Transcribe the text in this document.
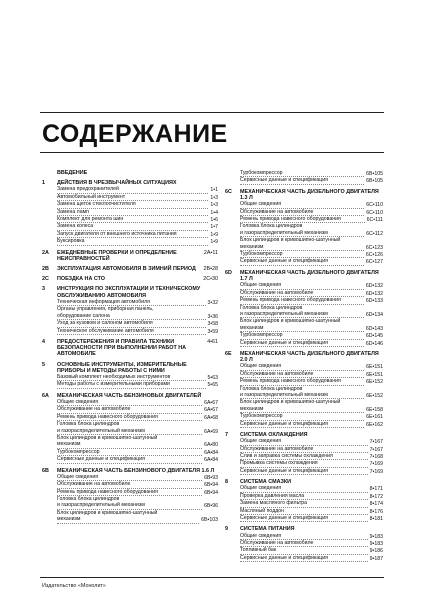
СОДЕРЖАНИЕ
ВВЕДЕНИЕ
1	ДЕЙСТВИЯ В ЧРЕЗВЫЧАЙНЫХ СИТУАЦИЯХ
Замена предохранителей	1•1
Автомобильный инструмент	1•3
Замена щеток стеклоочистителя	1•3
Замена ламп	1•4
Комплект для ремонта шин	1•6
Замена колеса	1•7
Запуск двигателя от внешнего источника питания	1•9
Буксировка	1•9
2A	ЕЖЕДНЕВНЫЕ ПРОВЕРКИ И ОПРЕДЕЛЕНИЕ НЕИСПРАВНОСТЕЙ
2A•11
2B	ЭКСПЛУАТАЦИЯ АВТОМОБИЛЯ В ЗИМНИЙ ПЕРИОД	2B•28
2C	ПОЕЗДКА НА СТО	2C•30
3	ИНСТРУКЦИЯ ПО ЭКСПЛУАТАЦИИ И ТЕХНИЧЕСКОМУ ОБСЛУЖИВАНИЮ АВТОМОБИЛЯ
Техническая информация автомобиля	3•32
Органы управления, приборная панель,
оборудование салона	3•36
Уход за кузовом и салоном автомобиля	3•58
Техническое обслуживание автомобиля	3•59
4	ПРЕДОСТЕРЕЖЕНИЯ И ПРАВИЛА ТЕХНИКИ БЕЗОПАСНОСТИ ПРИ ВЫПОЛНЕНИИ РАБОТ НА АВТОМОБИЛЕ
4•61
5	ОСНОВНЫЕ ИНСТРУМЕНТЫ, ИЗМЕРИТЕЛЬНЫЕ ПРИБОРЫ И МЕТОДЫ РАБОТЫ С НИМИ
Базовый комплект необходимых инструментов	5•63
Методы работы с измерительными приборами	5•65
6A	МЕХАНИЧЕСКАЯ ЧАСТЬ БЕНЗИНОВЫХ ДВИГАТЕЛЕЙ
Общие сведения	6A•67
Обслуживание на автомобиле	6A•67
Ремень привода навесного оборудования	6A•68
Головка блока цилиндров
и газораспределительный механизм	6A•69
Блок цилиндров и кривошипно-шатунный
механизм	6A•80
Турбокомпрессор	6A•84
Сервисные данные и спецификация	6A•84
6B	МЕХАНИЧЕСКАЯ ЧАСТЬ БЕНЗИНОВОГО ДВИГАТЕЛЯ 1.6 Л
Общие сведения	6B•93
Обслуживание на автомобиле	6B•94
Ремень привода навесного оборудования	6B•94
Головка блока цилиндров
и газораспределительный механизм	6B•96
Блок цилиндров и кривошипно-шатунный
механизм	6B•103
Турбокомпрессор	6B•105
Сервисные данные и спецификация	6B•105
6C	МЕХАНИЧЕСКАЯ ЧАСТЬ ДИЗЕЛЬНОГО ДВИГАТЕЛЯ 1.3 Л
Общие сведения	6C•110
Обслуживание на автомобиле	6C•110
Ремень привода навесного оборудования	6C•111
Головка блока цилиндров
и газораспределительный механизм	6C•112
Блок цилиндров и кривошипно-шатунный
механизм	6C•123
Турбокомпрессор	6C•126
Сервисные данные и спецификация	6C•127
6D	МЕХАНИЧЕСКАЯ ЧАСТЬ ДИЗЕЛЬНОГО ДВИГАТЕЛЯ 1.7 Л
Общие сведения	6D•132
Обслуживание на автомобиле	6D•132
Ремень привода навесного оборудования	6D•133
Головка блока цилиндров
и газораспределительный механизм	6D•134
Блок цилиндров и кривошипно-шатунный
механизм	6D•143
Турбокомпрессор	6D•145
Сервисные данные и спецификация	6D•146
6E	МЕХАНИЧЕСКАЯ ЧАСТЬ ДИЗЕЛЬНОГО ДВИГАТЕЛЯ 2.0 Л
Общие сведения	6E•151
Обслуживание на автомобиле	6E•151
Ремень привода навесного оборудования	6E•152
Головка блока цилиндров
и газораспределительный механизм	6E•152
Блок цилиндров и кривошипно-шатунный
механизм	6E•158
Турбокомпрессор	6E•161
Сервисные данные и спецификация	6E•162
7	СИСТЕМА ОХЛАЖДЕНИЯ
Общие сведения	7•167
Обслуживание на автомобиле	7•167
Слив и заправка системы охлаждения	7•168
Промывка системы охлаждения	7•169
Сервисные данные и спецификация	7•169
8	СИСТЕМА СМАЗКИ
Общие сведения	8•171
Проверка давления масла	8•172
Замена масляного фильтра	8•174
Масляный поддон	8•176
Сервисные данные и спецификация	8•181
9	СИСТЕМА ПИТАНИЯ
Общие сведения	9•183
Обслуживание на автомобиле	9•183
Топливный бак	9•186
Сервисные данные и спецификация	9•187
Издательство «Монолит»
